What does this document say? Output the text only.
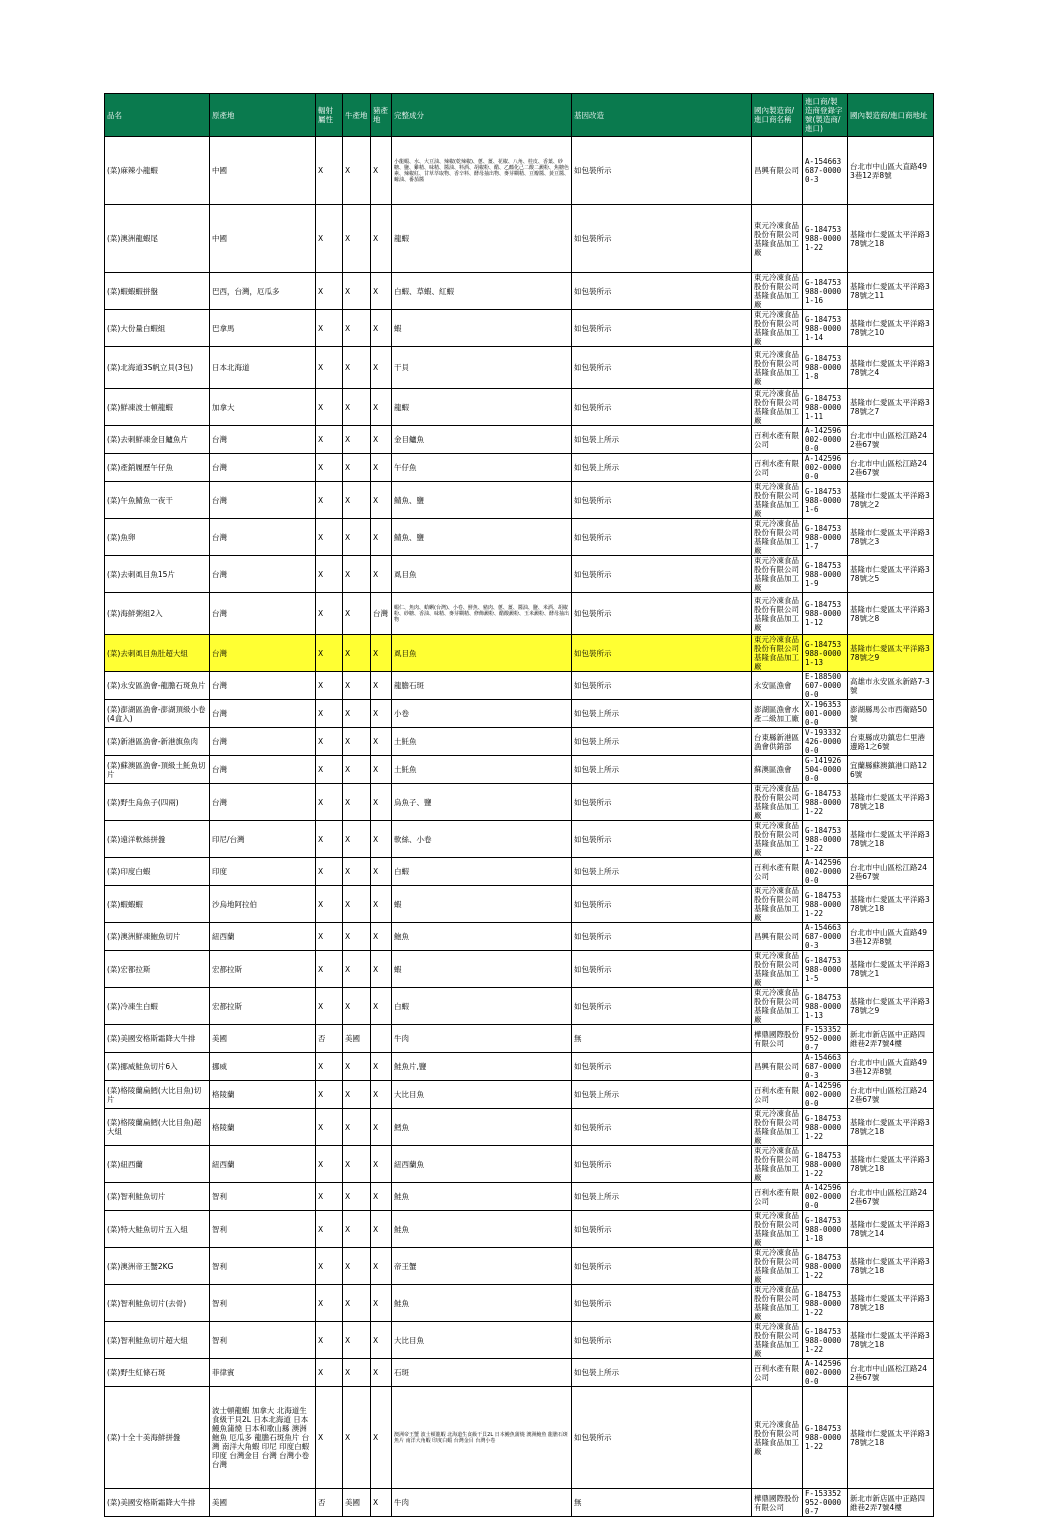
品名	原產地	輻射屬性	牛產地	豬產地	完整成分	基因改造	國內製造商/進口商名稱	進口商/製造商登錄字號(製造商/進口)	國內製造商/進口商地址
(菜)麻辣小龍蝦	中國	X	X	X	小龍蝦、水、大豆油、辣椒(乾辣椒)、蔥、薑、花椒、八角、桂皮、香葉、砂糖、鹽、雞精、味精、醬油、料酒、胡椒粉、醋、乙醯化己二酸二澱粉、焦糖色素、辣椒紅、甘草萃取物、香辛料、酵母抽出物、麥芽糊精、豆瓣醬、黃豆醬、蠔油、番茄醬	如包裝所示	昌興有限公司	A-154663687-00000-3	台北市中山區大直路493巷12弄8號
(菜)澳洲龍蝦尾	中國	X	X	X	龍蝦	如包裝所示	東元冷凍食品股份有限公司基隆食品加工廠	G-184753988-00001-22	基隆市仁愛區太平洋路378號之18
(菜)蝦蝦蝦拼盤	巴西，台灣，厄瓜多	X	X	X	白蝦、草蝦、紅蝦	如包裝所示	東元冷凍食品股份有限公司基隆食品加工廠	G-184753988-00001-16	基隆市仁愛區太平洋路378號之11
(菜)大份量白蝦組	巴拿馬	X	X	X	蝦	如包裝所示	東元冷凍食品股份有限公司基隆食品加工廠	G-184753988-00001-14	基隆市仁愛區太平洋路378號之10
(菜)北海道3S帆立貝(3包)	日本北海道	X	X	X	干貝	如包裝所示	東元冷凍食品股份有限公司基隆食品加工廠	G-184753988-00001-8	基隆市仁愛區太平洋路378號之4
(菜)鮮凍波士頓龍蝦	加拿大	X	X	X	龍蝦	如包裝所示	東元冷凍食品股份有限公司基隆食品加工廠	G-184753988-00001-11	基隆市仁愛區太平洋路378號之7
(菜)去刺鮮凍金目鱸魚片	台灣	X	X	X	金目鱸魚	如包裝上所示	百利水產有限公司	A-142596002-00000-0	台北市中山區松江路242巷67號
(菜)產銷履歷午仔魚	台灣	X	X	X	午仔魚	如包裝上所示	百利水產有限公司	A-142596002-00000-0	台北市中山區松江路242巷67號
(菜)午魚鯖魚一夜干	台灣	X	X	X	鯖魚、鹽	如包裝所示	東元冷凍食品股份有限公司基隆食品加工廠	G-184753988-00001-6	基隆市仁愛區太平洋路378號之2
(菜)魚卵	台灣	X	X	X	鯖魚、鹽	如包裝所示	東元冷凍食品股份有限公司基隆食品加工廠	G-184753988-00001-7	基隆市仁愛區太平洋路378號之3
(菜)去刺虱目魚15片	台灣	X	X	X	虱目魚	如包裝所示	東元冷凍食品股份有限公司基隆食品加工廠	G-184753988-00001-9	基隆市仁愛區太平洋路378號之5
(菜)海鮮粥組2入	台灣	X	X	台灣	蝦仁、魚肉、蛤蜊(台灣)、小卷、鮮魚、豬肉、蔥、薑、醬油、鹽、米酒、胡椒粉、砂糖、香油、味精、麥芽糊精、修飾澱粉、醋酸澱粉、玉米澱粉、酵母抽出物	如包裝所示	東元冷凍食品股份有限公司基隆食品加工廠	G-184753988-00001-12	基隆市仁愛區太平洋路378號之8
(菜)去刺虱目魚肚超大組	台灣	X	X	X	虱目魚	如包裝所示	東元冷凍食品股份有限公司基隆食品加工廠	G-184753988-00001-13	基隆市仁愛區太平洋路378號之9
(菜)永安區漁會-龍膽石斑魚片	台灣	X	X	X	龍膽石斑	如包裝所示	永安區漁會	E-188500607-00000-0	高雄市永安區永新路7-3號
(菜)澎湖區漁會-澎湖頂級小卷(4盒入)	台灣	X	X	X	小卷	如包裝上所示	澎湖區漁會水產二級加工廠	X-196353001-00000-0	澎湖縣馬公市西衛路50號
(菜)新港區漁會-新港旗魚肉	台灣	X	X	X	土魠魚	如包裝上所示	台東縣新港區漁會供銷部	V-193332426-00000-0	台東縣成功鎮忠仁里港邊路1之6號
(菜)蘇澳區漁會-頂級土魠魚切片	台灣	X	X	X	土魠魚	如包裝上所示	蘇澳區漁會	G-141926504-00000-0	宜蘭縣蘇澳鎮港口路126號
(菜)野生烏魚子(四兩)	台灣	X	X	X	烏魚子、鹽	如包裝所示	東元冷凍食品股份有限公司基隆食品加工廠	G-184753988-00001-22	基隆市仁愛區太平洋路378號之18
(菜)遠洋軟絲拼盤	印尼/台灣	X	X	X	軟絲、小卷	如包裝所示	東元冷凍食品股份有限公司基隆食品加工廠	G-184753988-00001-22	基隆市仁愛區太平洋路378號之18
(菜)印度白蝦	印度	X	X	X	白蝦	如包裝上所示	百利水產有限公司	A-142596002-00000-0	台北市中山區松江路242巷67號
(菜)蝦蝦蝦	沙烏地阿拉伯	X	X	X	蝦	如包裝所示	東元冷凍食品股份有限公司基隆食品加工廠	G-184753988-00001-22	基隆市仁愛區太平洋路378號之18
(菜)澳洲鮮凍鮑魚切片	紐西蘭	X	X	X	鮑魚	如包裝所示	昌興有限公司	A-154663687-00000-3	台北市中山區大直路493巷12弄8號
(菜)宏都拉斯	宏都拉斯	X	X	X	蝦	如包裝所示	東元冷凍食品股份有限公司基隆食品加工廠	G-184753988-00001-5	基隆市仁愛區太平洋路378號之1
(菜)冷凍生白蝦	宏都拉斯	X	X	X	白蝦	如包裝所示	東元冷凍食品股份有限公司基隆食品加工廠	G-184753988-00001-13	基隆市仁愛區太平洋路378號之9
(菜)美國安格斯霜降大牛排	美國	否	美國		牛肉	無	樺鼎國際股份有限公司	F-153352952-00000-7	新北市新店區中正路四維巷2弄7號4樓
(菜)挪威鮭魚切片6入	挪威	X	X	X	鮭魚片,鹽	如包裝所示	昌興有限公司	A-154663687-00000-3	台北市中山區大直路493巷12弄8號
(菜)格陵蘭扁鱈(大比目魚)切片	格陵蘭	X	X	X	大比目魚	如包裝上所示	百利水產有限公司	A-142596002-00000-0	台北市中山區松江路242巷67號
(菜)格陵蘭扁鱈(大比目魚)超大組	格陵蘭	X	X	X	鱈魚	如包裝所示	東元冷凍食品股份有限公司基隆食品加工廠	G-184753988-00001-22	基隆市仁愛區太平洋路378號之18
(菜)紐西蘭	紐西蘭	X	X	X	紐西蘭魚	如包裝所示	東元冷凍食品股份有限公司基隆食品加工廠	G-184753988-00001-22	基隆市仁愛區太平洋路378號之18
(菜)智利鮭魚切片	智利	X	X	X	鮭魚	如包裝上所示	百利水產有限公司	A-142596002-00000-0	台北市中山區松江路242巷67號
(菜)特大鮭魚切片五入組	智利	X	X	X	鮭魚	如包裝所示	東元冷凍食品股份有限公司基隆食品加工廠	G-184753988-00001-18	基隆市仁愛區太平洋路378號之14
(菜)澳洲帝王蟹2KG	智利	X	X	X	帝王蟹	如包裝所示	東元冷凍食品股份有限公司基隆食品加工廠	G-184753988-00001-22	基隆市仁愛區太平洋路378號之18
(菜)智利鮭魚切片(去骨)	智利	X	X	X	鮭魚	如包裝所示	東元冷凍食品股份有限公司基隆食品加工廠	G-184753988-00001-22	基隆市仁愛區太平洋路378號之18
(菜)智利鮭魚切片超大組	智利	X	X	X	大比目魚	如包裝所示	東元冷凍食品股份有限公司基隆食品加工廠	G-184753988-00001-22	基隆市仁愛區太平洋路378號之18
(菜)野生紅條石斑	菲律賓	X	X	X	石斑	如包裝上所示	百利水產有限公司	A-142596002-00000-0	台北市中山區松江路242巷67號
(菜)十全十美海鮮拼盤	波士頓龍蝦 加拿大 北海道生食級干貝2L 日本北海道 日本鰻魚蒲燒 日本和歌山縣 澳洲鮑魚 厄瓜多 龍膽石斑魚片 台灣 南洋大角蝦 印尼 印度白蝦 印度 台灣金目 台灣 台灣小卷 台灣	X	X	X	澳洲帝王蟹 波士頓龍蝦 北海道生食級干貝2L 日本鰻魚蒲燒 澳洲鮑魚 龍膽石斑魚片 南洋大角蝦 印度白蝦 台灣金目 台灣小卷	如包裝所示	東元冷凍食品股份有限公司基隆食品加工廠	G-184753988-00001-22	基隆市仁愛區太平洋路378號之18
(菜)美國安格斯霜降大牛排	美國	否	美國	X	牛肉	無	樺鼎國際股份有限公司	F-153352952-00000-7	新北市新店區中正路四維巷2弄7號4樓
